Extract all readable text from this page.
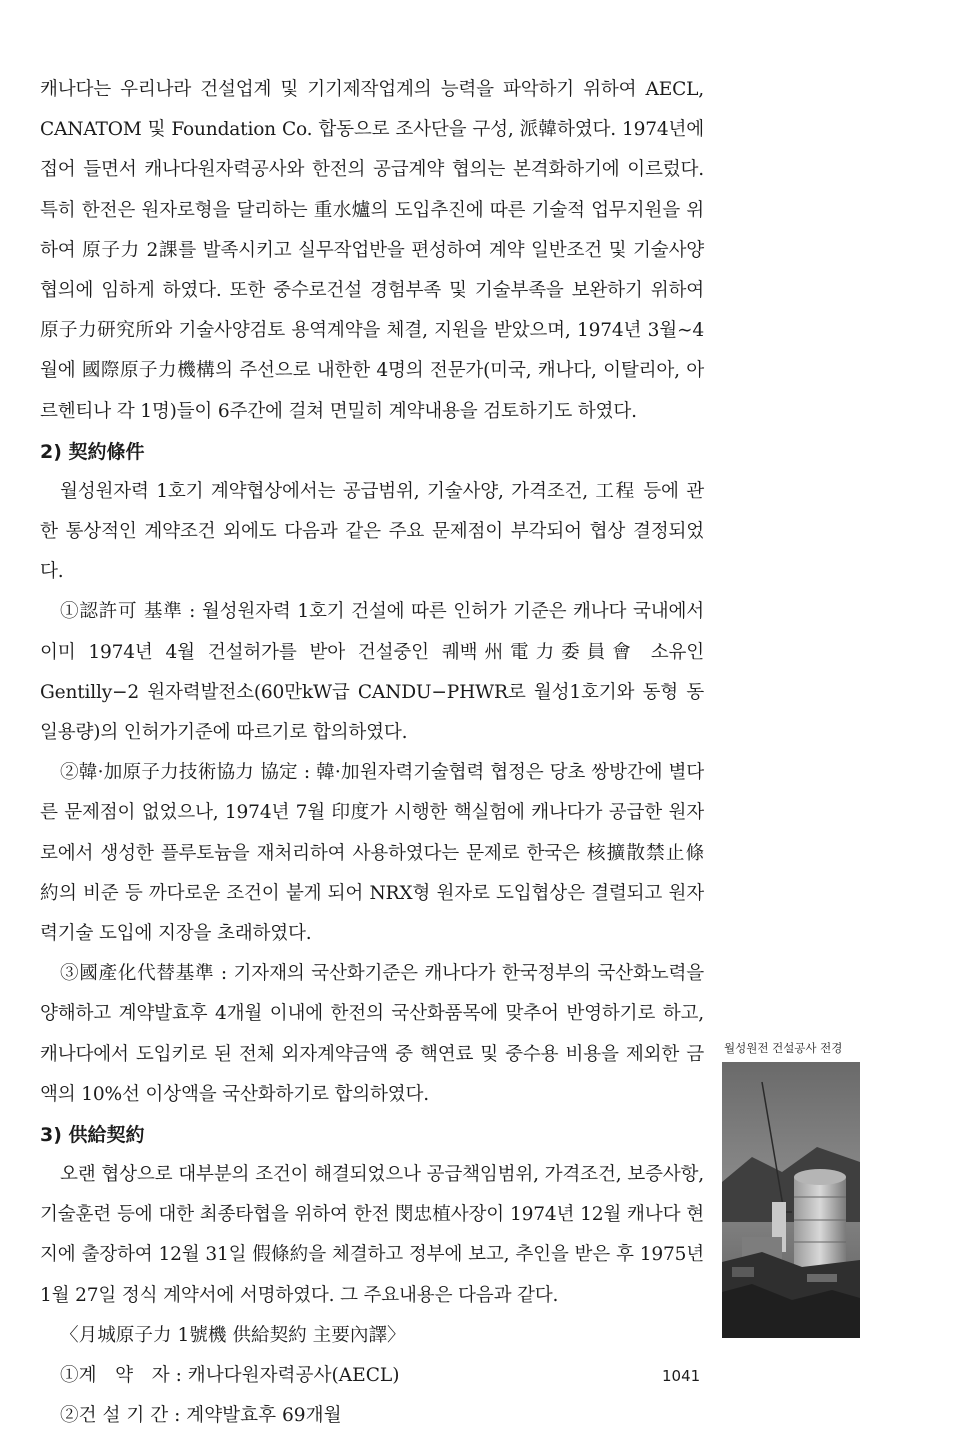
캐나다는 우리나라 건설업계 및 기기제작업계의 능력을 파악하기 위하여 AECL, CANATOM 및 Foundation Co. 합동으로 조사단을 구성, 派韓하였다. 1974년에 접어 들면서 캐나다원자력공사와 한전의 공급계약 협의는 본격화하기에 이르렀다. 특히 한전은 원자로형을 달리하는 重水爐의 도입추진에 따른 기술적 업무지원을 위하여 原子力 2課를 발족시키고 실무작업반을 편성하여 계약 일반조건 및 기술사양 협의에 임하게 하였다. 또한 중수로건설 경험부족 및 기술부족을 보완하기 위하여 原子力研究所와 기술사양검토 용역계약을 체결, 지원을 받았으며, 1974년 3월∼4월에 國際原子力機構의 주선으로 내한한 4명의 전문가(미국, 캐나다, 이탈리아, 아르헨티나 각 1명)들이 6주간에 걸쳐 면밀히 계약내용을 검토하기도 하였다.

2) 契約條件

월성원자력 1호기 계약협상에서는 공급범위, 기술사양, 가격조건, 工程 등에 관한 통상적인 계약조건 외에도 다음과 같은 주요 문제점이 부각되어 협상 결정되었다.

①認許可 基準 : 월성원자력 1호기 건설에 따른 인허가 기준은 캐나다 국내에서 이미 1974년 4월 건설허가를 받아 건설중인 퀘백州電力委員會 소유인 Gentilly−2 원자력발전소(60만kW급 CANDU−PHWR로 월성1호기와 동형 동일용량)의 인허가기준에 따르기로 합의하였다.

②韓·加原子力技術協力 協定 : 韓·加원자력기술협력 협정은 당초 쌍방간에 별다른 문제점이 없었으나, 1974년 7월 印度가 시행한 핵실험에 캐나다가 공급한 원자로에서 생성한 플루토늄을 재처리하여 사용하였다는 문제로 한국은 核擴散禁止條約의 비준 등 까다로운 조건이 붙게 되어 NRX형 원자로 도입협상은 결렬되고 원자력기술 도입에 지장을 초래하였다.

③國產化代替基準 : 기자재의 국산화기준은 캐나다가 한국정부의 국산화노력을 양해하고 계약발효후 4개월 이내에 한전의 국산화품목에 맞추어 반영하기로 하고, 캐나다에서 도입키로 된 전체 외자계약금액 중 핵연료 및 중수용 비용을 제외한 금액의 10%선 이상액을 국산화하기로 합의하였다.

3) 供給契約

오랜 협상으로 대부분의 조건이 해결되었으나 공급책임범위, 가격조건, 보증사항, 기술훈련 등에 대한 최종타협을 위하여 한전 閔忠植사장이 1974년 12월 캐나다 현지에 출장하여 12월 31일 假條約을 체결하고 정부에 보고, 추인을 받은 후 1975년 1월 27일 정식 계약서에 서명하였다. 그 주요내용은 다음과 같다.

〈月城原子力 1號機 供給契約 主要內譯〉

①계　약　자 : 캐나다원자력공사(AECL)

②건 설 기 간 : 계약발효후 69개월

월성원전 건설공사 전경

1041
